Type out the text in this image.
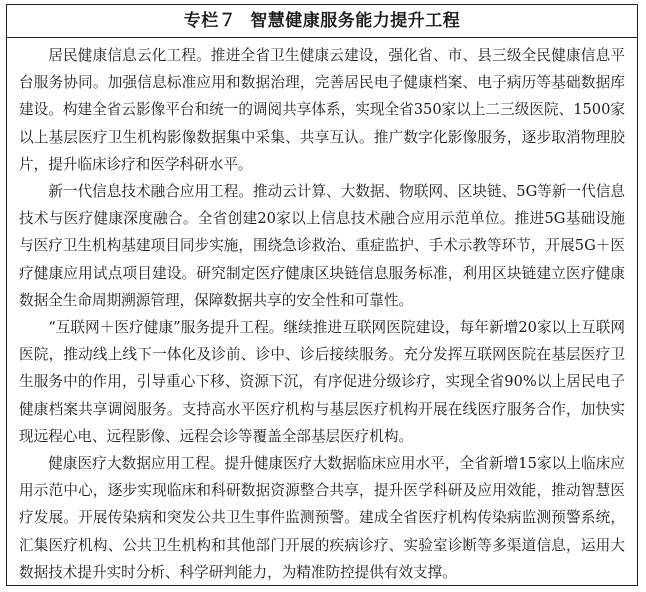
专栏７ 智慧健康服务能力提升工程

居民健康信息云化工程。推进全省卫生健康云建设，强化省、市、县三级全民健康信息平台服务协同。加强信息标准应用和数据治理，完善居民电子健康档案、电子病历等基础数据库建设。构建全省云影像平台和统一的调阅共享体系，实现全省350家以上二三级医院、1500家以上基层医疗卫生机构影像数据集中采集、共享互认。推广数字化影像服务，逐步取消物理胶片，提升临床诊疗和医学科研水平。

新一代信息技术融合应用工程。推动云计算、大数据、物联网、区块链、5G等新一代信息技术与医疗健康深度融合。全省创建20家以上信息技术融合应用示范单位。推进5G基础设施与医疗卫生机构基建项目同步实施，围绕急诊救治、重症监护、手术示教等环节，开展5G＋医疗健康应用试点项目建设。研究制定医疗健康区块链信息服务标准，利用区块链建立医疗健康数据全生命周期溯源管理，保障数据共享的安全性和可靠性。

“互联网＋医疗健康”服务提升工程。继续推进互联网医院建设，每年新增20家以上互联网医院，推动线上线下一体化及诊前、诊中、诊后接续服务。充分发挥互联网医院在基层医疗卫生服务中的作用，引导重心下移、资源下沉，有序促进分级诊疗，实现全省90%以上居民电子健康档案共享调阅服务。支持高水平医疗机构与基层医疗机构开展在线医疗服务合作，加快实现远程心电、远程影像、远程会诊等覆盖全部基层医疗机构。

健康医疗大数据应用工程。提升健康医疗大数据临床应用水平，全省新增15家以上临床应用示范中心，逐步实现临床和科研数据资源整合共享，提升医学科研及应用效能，推动智慧医疗发展。开展传染病和突发公共卫生事件监测预警。建成全省医疗机构传染病监测预警系统，汇集医疗机构、公共卫生机构和其他部门开展的疾病诊疗、实验室诊断等多渠道信息，运用大数据技术提升实时分析、科学研判能力，为精准防控提供有效支撑。
